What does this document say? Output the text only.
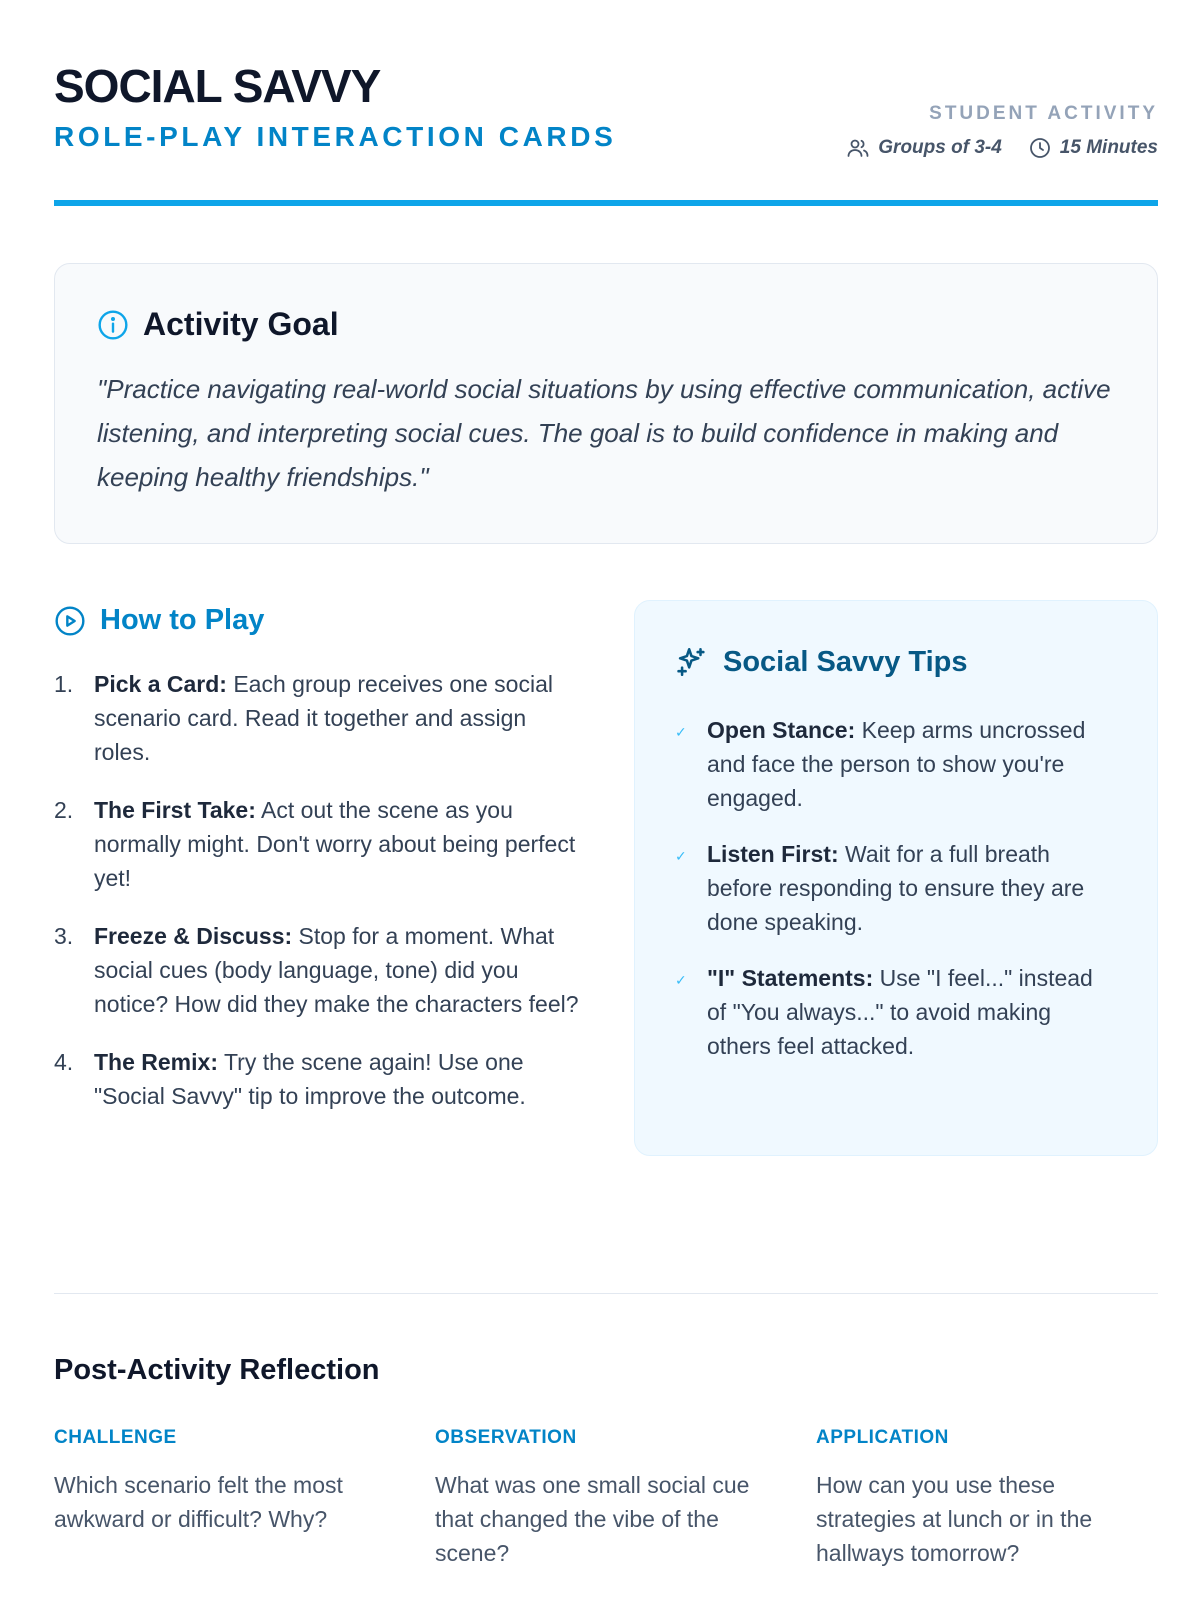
SOCIAL SAVVY
ROLE-PLAY INTERACTION CARDS
STUDENT ACTIVITY
Groups of 3-4	15 Minutes
Activity Goal

"Practice navigating real-world social situations by using effective communication, active listening, and interpreting social cues. The goal is to build confidence in making and keeping healthy friendships."

How to Play
1. Pick a Card: Each group receives one social scenario card. Read it together and assign roles.
2. The First Take: Act out the scene as you normally might. Don't worry about being perfect yet!
3. Freeze & Discuss: Stop for a moment. What social cues (body language, tone) did you notice? How did they make the characters feel?
4. The Remix: Try the scene again! Use one "Social Savvy" tip to improve the outcome.
Social Savvy Tips
✓ Open Stance: Keep arms uncrossed and face the person to show you're engaged.
✓ Listen First: Wait for a full breath before responding to ensure they are done speaking.
✓ "I" Statements: Use "I feel..." instead of "You always..." to avoid making others feel attacked.
Post-Activity Reflection
CHALLENGE

Which scenario felt the most awkward or difficult? Why?

OBSERVATION

What was one small social cue that changed the vibe of the scene?

APPLICATION

How can you use these strategies at lunch or in the hallways tomorrow?
